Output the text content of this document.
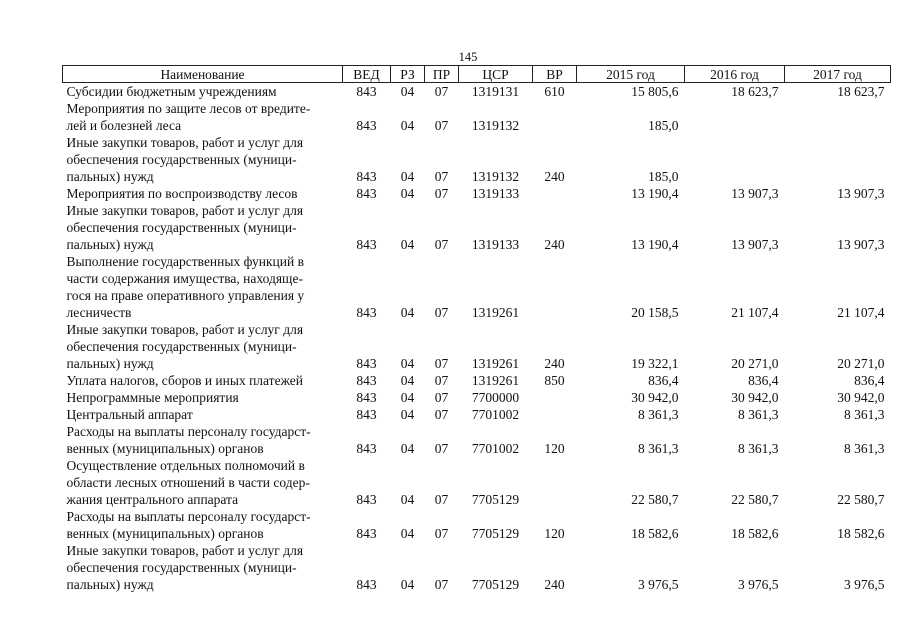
145
Наименование	ВЕД	РЗ	ПР	ЦСР	ВР	2015 год	2016 год	2017 год

Субсидии бюджетным учреждениям	843	04	07	1319131	610	15 805,6	18 623,7	18 623,7

Мероприятия по защите лесов от вредите-
лей и болезней леса	843	04	07	1319132		185,0		

Иные закупки товаров, работ и услуг для
обеспечения государственных (муници-
пальных) нужд	843	04	07	1319132	240	185,0		

Мероприятия по воспроизводству лесов	843	04	07	1319133		13 190,4	13 907,3	13 907,3

Иные закупки товаров, работ и услуг для
обеспечения государственных (муници-
пальных) нужд	843	04	07	1319133	240	13 190,4	13 907,3	13 907,3

Выполнение государственных функций в
части содержания имущества, находяще-
гося на праве оперативного управления у
лесничеств	843	04	07	1319261		20 158,5	21 107,4	21 107,4

Иные закупки товаров, работ и услуг для
обеспечения государственных (муници-
пальных) нужд	843	04	07	1319261	240	19 322,1	20 271,0	20 271,0

Уплата налогов, сборов и иных платежей	843	04	07	1319261	850	836,4	836,4	836,4

Непрограммные мероприятия	843	04	07	7700000		30 942,0	30 942,0	30 942,0

Центральный аппарат	843	04	07	7701002		8 361,3	8 361,3	8 361,3

Расходы на выплаты персоналу государст-
венных (муниципальных) органов	843	04	07	7701002	120	8 361,3	8 361,3	8 361,3

Осуществление отдельных полномочий в
области лесных отношений в части содер-
жания центрального аппарата	843	04	07	7705129		22 580,7	22 580,7	22 580,7

Расходы на выплаты персоналу государст-
венных (муниципальных) органов	843	04	07	7705129	120	18 582,6	18 582,6	18 582,6

Иные закупки товаров, работ и услуг для
обеспечения государственных (муници-
пальных) нужд	843	04	07	7705129	240	3 976,5	3 976,5	3 976,5
